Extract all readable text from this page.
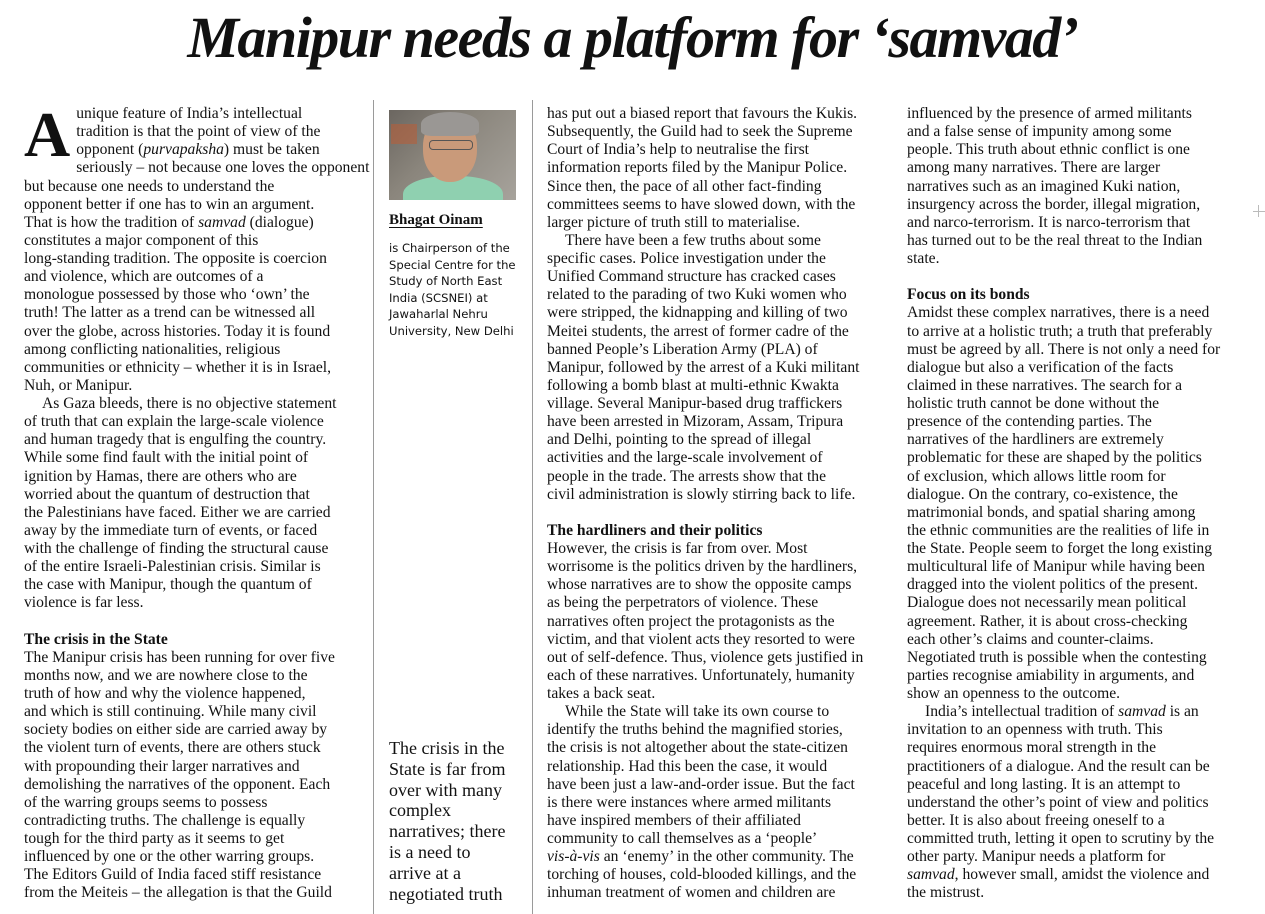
Manipur needs a platform for ‘samvad’
A unique feature of India’s intellectual
tradition is that the point of view of the
opponent (purvapaksha) must be taken
seriously – not because one loves the opponent
but because one needs to understand the
opponent better if one has to win an argument.
That is how the tradition of samvad (dialogue)
constitutes a major component of this
long-standing tradition. The opposite is coercion
and violence, which are outcomes of a
monologue possessed by those who ‘own’ the
truth! The latter as a trend can be witnessed all
over the globe, across histories. Today it is found
among conflicting nationalities, religious
communities or ethnicity – whether it is in Israel,
Nuh, or Manipur.
As Gaza bleeds, there is no objective statement
of truth that can explain the large-scale violence
and human tragedy that is engulfing the country.
While some find fault with the initial point of
ignition by Hamas, there are others who are
worried about the quantum of destruction that
the Palestinians have faced. Either we are carried
away by the immediate turn of events, or faced
with the challenge of finding the structural cause
of the entire Israeli-Palestinian crisis. Similar is
the case with Manipur, though the quantum of
violence is far less.
The crisis in the State
The Manipur crisis has been running for over five
months now, and we are nowhere close to the
truth of how and why the violence happened,
and which is still continuing. While many civil
society bodies on either side are carried away by
the violent turn of events, there are others stuck
with propounding their larger narratives and
demolishing the narratives of the opponent. Each
of the warring groups seems to possess
contradicting truths. The challenge is equally
tough for the third party as it seems to get
influenced by one or the other warring groups.
The Editors Guild of India faced stiff resistance
from the Meiteis – the allegation is that the Guild
Bhagat Oinam
is Chairperson of the
Special Centre for the
Study of North East
India (SCSNEI) at
Jawaharlal Nehru
University, New Delhi
The crisis in the
State is far from
over with many
complex
narratives; there
is a need to
arrive at a
negotiated truth
has put out a biased report that favours the Kukis.
Subsequently, the Guild had to seek the Supreme
Court of India’s help to neutralise the first
information reports filed by the Manipur Police.
Since then, the pace of all other fact-finding
committees seems to have slowed down, with the
larger picture of truth still to materialise.
There have been a few truths about some
specific cases. Police investigation under the
Unified Command structure has cracked cases
related to the parading of two Kuki women who
were stripped, the kidnapping and killing of two
Meitei students, the arrest of former cadre of the
banned People’s Liberation Army (PLA) of
Manipur, followed by the arrest of a Kuki militant
following a bomb blast at multi-ethnic Kwakta
village. Several Manipur-based drug traffickers
have been arrested in Mizoram, Assam, Tripura
and Delhi, pointing to the spread of illegal
activities and the large-scale involvement of
people in the trade. The arrests show that the
civil administration is slowly stirring back to life.
The hardliners and their politics
However, the crisis is far from over. Most
worrisome is the politics driven by the hardliners,
whose narratives are to show the opposite camps
as being the perpetrators of violence. These
narratives often project the protagonists as the
victim, and that violent acts they resorted to were
out of self-defence. Thus, violence gets justified in
each of these narratives. Unfortunately, humanity
takes a back seat.
While the State will take its own course to
identify the truths behind the magnified stories,
the crisis is not altogether about the state-citizen
relationship. Had this been the case, it would
have been just a law-and-order issue. But the fact
is there were instances where armed militants
have inspired members of their affiliated
community to call themselves as a ‘people’
vis-à-vis an ‘enemy’ in the other community. The
torching of houses, cold-blooded killings, and the
inhuman treatment of women and children are
influenced by the presence of armed militants
and a false sense of impunity among some
people. This truth about ethnic conflict is one
among many narratives. There are larger
narratives such as an imagined Kuki nation,
insurgency across the border, illegal migration,
and narco-terrorism. It is narco-terrorism that
has turned out to be the real threat to the Indian
state.
Focus on its bonds
Amidst these complex narratives, there is a need
to arrive at a holistic truth; a truth that preferably
must be agreed by all. There is not only a need for
dialogue but also a verification of the facts
claimed in these narratives. The search for a
holistic truth cannot be done without the
presence of the contending parties. The
narratives of the hardliners are extremely
problematic for these are shaped by the politics
of exclusion, which allows little room for
dialogue. On the contrary, co-existence, the
matrimonial bonds, and spatial sharing among
the ethnic communities are the realities of life in
the State. People seem to forget the long existing
multicultural life of Manipur while having been
dragged into the violent politics of the present.
Dialogue does not necessarily mean political
agreement. Rather, it is about cross-checking
each other’s claims and counter-claims.
Negotiated truth is possible when the contesting
parties recognise amiability in arguments, and
show an openness to the outcome.
India’s intellectual tradition of samvad is an
invitation to an openness with truth. This
requires enormous moral strength in the
practitioners of a dialogue. And the result can be
peaceful and long lasting. It is an attempt to
understand the other’s point of view and politics
better. It is also about freeing oneself to a
committed truth, letting it open to scrutiny by the
other party. Manipur needs a platform for
samvad, however small, amidst the violence and
the mistrust.
